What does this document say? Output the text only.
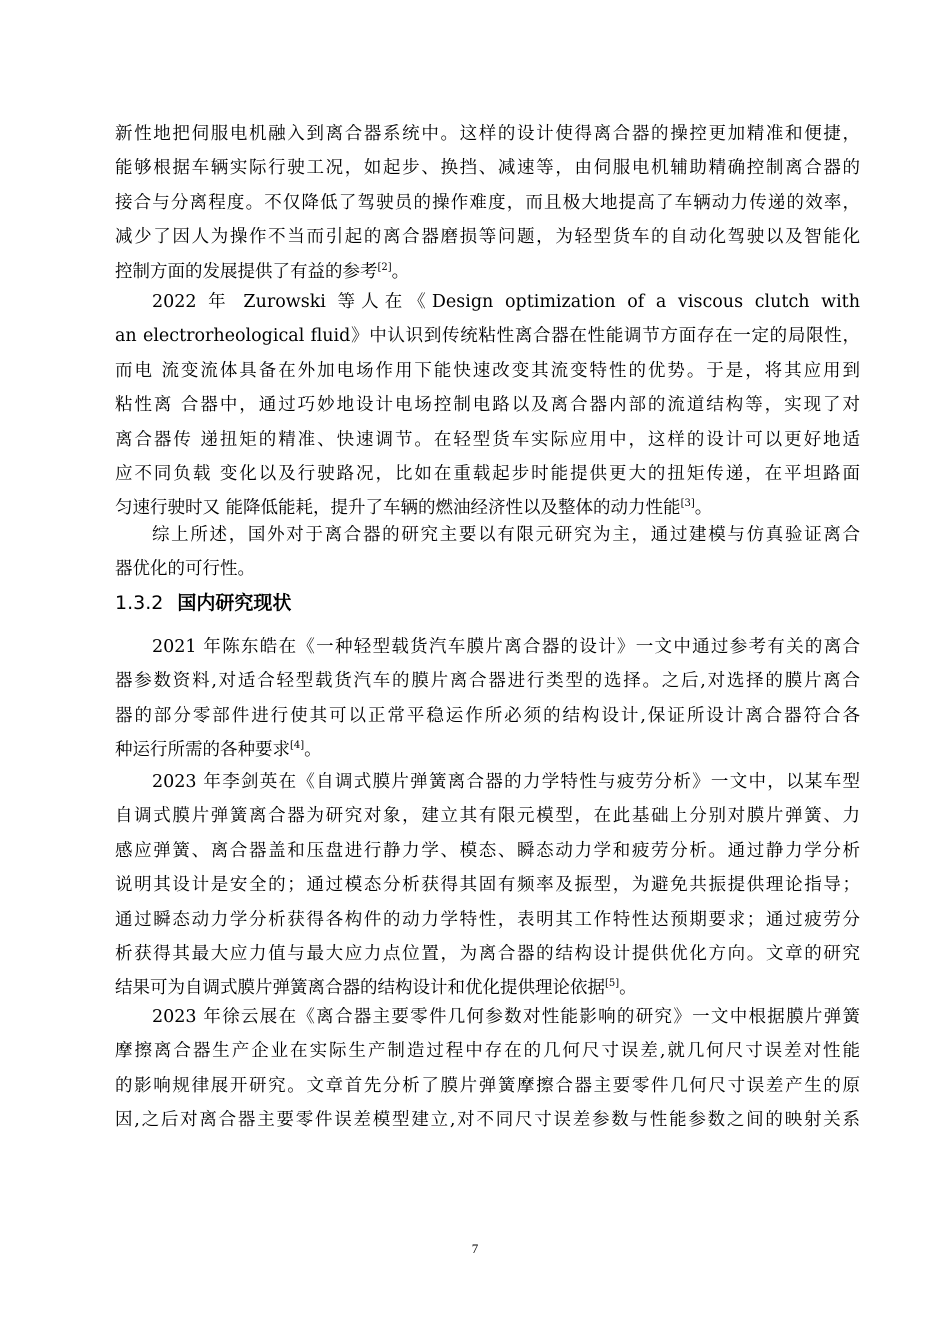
新性地把伺服电机融入到离合器系统中。这样的设计使得离合器的操控更加精准和便捷，
能够根据车辆实际行驶工况，如起步、换挡、减速等，由伺服电机辅助精确控制离合器的
接合与分离程度。不仅降低了驾驶员的操作难度，而且极大地提高了车辆动力传递的效率，
减少了因人为操作不当而引起的离合器磨损等问题，为轻型货车的自动化驾驶以及智能化
控制方面的发展提供了有益的参考[2]。
2022 年 Zurowski 等人在《Design optimization of a viscous clutch with
an electrorheological fluid》中认识到传统粘性离合器在性能调节方面存在一定的局限性，
而电 流变流体具备在外加电场作用下能快速改变其流变特性的优势。于是，将其应用到
粘性离 合器中，通过巧妙地设计电场控制电路以及离合器内部的流道结构等，实现了对
离合器传 递扭矩的精准、快速调节。在轻型货车实际应用中，这样的设计可以更好地适
应不同负载 变化以及行驶路况，比如在重载起步时能提供更大的扭矩传递，在平坦路面
匀速行驶时又 能降低能耗，提升了车辆的燃油经济性以及整体的动力性能[3]。
综上所述，国外对于离合器的研究主要以有限元研究为主，通过建模与仿真验证离合
器优化的可行性。
1.3.2 国内研究现状
2021 年陈东皓在《一种轻型载货汽车膜片离合器的设计》一文中通过参考有关的离合
器参数资料,对适合轻型载货汽车的膜片离合器进行类型的选择。之后,对选择的膜片离合
器的部分零部件进行使其可以正常平稳运作所必须的结构设计,保证所设计离合器符合各
种运行所需的各种要求[4]。
2023 年李剑英在《自调式膜片弹簧离合器的力学特性与疲劳分析》一文中，以某车型
自调式膜片弹簧离合器为研究对象，建立其有限元模型，在此基础上分别对膜片弹簧、力
感应弹簧、离合器盖和压盘进行静力学、模态、瞬态动力学和疲劳分析。通过静力学分析
说明其设计是安全的；通过模态分析获得其固有频率及振型，为避免共振提供理论指导；
通过瞬态动力学分析获得各构件的动力学特性，表明其工作特性达预期要求；通过疲劳分
析获得其最大应力值与最大应力点位置，为离合器的结构设计提供优化方向。文章的研究
结果可为自调式膜片弹簧离合器的结构设计和优化提供理论依据[5]。
2023 年徐云展在《离合器主要零件几何参数对性能影响的研究》一文中根据膜片弹簧
摩擦离合器生产企业在实际生产制造过程中存在的几何尺寸误差,就几何尺寸误差对性能
的影响规律展开研究。文章首先分析了膜片弹簧摩擦合器主要零件几何尺寸误差产生的原
因,之后对离合器主要零件误差模型建立,对不同尺寸误差参数与性能参数之间的映射关系

7
